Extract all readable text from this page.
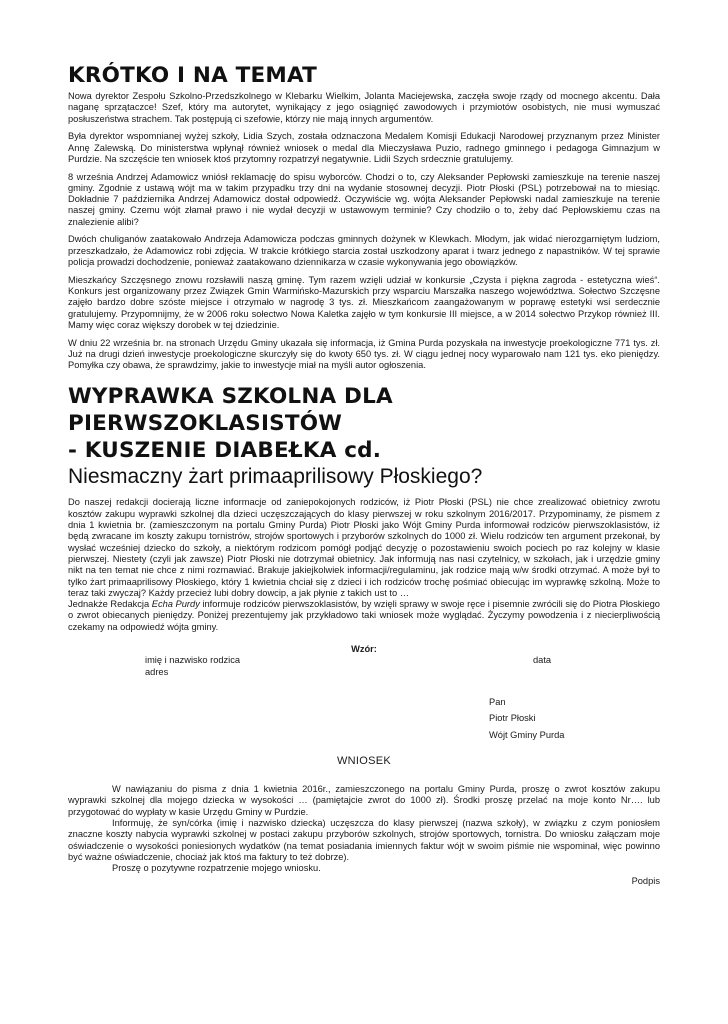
KRÓTKO I NA TEMAT

Nowa dyrektor Zespołu Szkolno-Przedszkolnego w Klebarku Wielkim, Jolanta Maciejewska, zaczęła swoje rządy od mocnego akcentu. Dała naganę sprzątaczce! Szef, który ma autorytet, wynikający z jego osiągnięć zawodowych i przymiotów osobistych, nie musi wymuszać posłuszeństwa strachem. Tak postępują ci szefowie, którzy nie mają innych argumentów.

Była dyrektor wspomnianej wyżej szkoły, Lidia Szych, została odznaczona Medalem Komisji Edukacji Narodowej przyznanym przez Minister Annę Zalewską. Do ministerstwa wpłynął również wniosek o medal dla Mieczysława Puzio, radnego gminnego i pedagoga Gimnazjum w Purdzie. Na szczęście ten wniosek ktoś przytomny rozpatrzył negatywnie. Lidii Szych srdecznie gratulujemy.

8 września Andrzej Adamowicz wniósł reklamację do spisu wyborców. Chodzi o to, czy Aleksander Pepłowski zamieszkuje na terenie naszej gminy. Zgodnie z ustawą wójt ma w takim przypadku trzy dni na wydanie stosownej decyzji. Piotr Płoski (PSL) potrzebował na to miesiąc. Dokładnie 7 października Andrzej Adamowicz dostał odpowiedź. Oczywiście wg. wójta Aleksander Pepłowski nadal zamieszkuje na terenie naszej gminy. Czemu wójt złamał prawo i nie wydał decyzji w ustawowym terminie? Czy chodziło o to, żeby dać Pepłowskiemu czas na znalezienie alibi?

Dwóch chuliganów zaatakowało Andrzeja Adamowicza podczas gminnych dożynek w Klewkach. Młodym, jak widać nierozgarniętym ludziom, przeszkadzało, że Adamowicz robi zdjęcia. W trakcie krótkiego starcia został uszkodzony aparat i twarz jednego z napastników. W tej sprawie policja prowadzi dochodzenie, ponieważ zaatakowano dziennikarza w czasie wykonywania jego obowiązków.

Mieszkańcy Szczęsnego znowu rozsławili naszą gminę. Tym razem wzięli udział w konkursie „Czysta i piękna zagroda - estetyczna wieś“. Konkurs jest organizowany przez Związek Gmin Warmińsko-Mazurskich przy wsparciu Marszałka naszego województwa. Sołectwo Szczęsne zajęło bardzo dobre szóste miejsce i otrzymało w nagrodę 3 tys. zł. Mieszkańcom zaangażowanym w poprawę estetyki wsi serdecznie gratulujemy. Przypomnijmy, że w 2006 roku sołectwo Nowa Kaletka zajęło w tym konkursie III miejsce, a w 2014 sołectwo Przykop również III. Mamy więc coraz większy dorobek w tej dziedzinie.

W dniu 22 września br. na stronach Urzędu Gminy ukazała się informacja, iż Gmina Purda pozyskała na inwestycje proekologiczne 771 tys. zł. Już na drugi dzień inwestycje proekologiczne skurczyły się do kwoty 650 tys. zł. W ciągu jednej nocy wyparowało nam 121 tys. eko pieniędzy. Pomyłka czy obawa, że sprawdzimy, jakie to inwestycje miał na myśli autor ogłoszenia.

WYPRAWKA SZKOLNA DLA PIERWSZOKLASISTÓW
- KUSZENIE DIABEŁKA cd.
Niesmaczny żart primaaprilisowy Płoskiego?

Do naszej redakcji docierają liczne informacje od zaniepokojonych rodziców, iż Piotr Płoski (PSL) nie chce zrealizować obietnicy zwrotu kosztów zakupu wyprawki szkolnej dla dzieci uczęszczających do klasy pierwszej w roku szkolnym 2016/2017. Przypominamy, że pismem z dnia 1 kwietnia br. (zamieszczonym na portalu Gminy Purda) Piotr Płoski jako Wójt Gminy Purda informował rodziców pierwszoklasistów, iż będą zwracane im koszty zakupu tornistrów, strojów sportowych i przyborów szkolnych do 1000 zł. Wielu rodziców ten argument przekonał, by wysłać wcześniej dziecko do szkoły, a niektórym rodzicom pomógł podjąć decyzję o pozostawieniu swoich pociech po raz kolejny w klasie pierwszej. Niestety (czyli jak zawsze) Piotr Płoski nie dotrzymał obietnicy. Jak informują nas nasi czytelnicy, w szkołach, jak i urzędzie gminy nikt na ten temat nie chce z nimi rozmawiać. Brakuje jakiejkolwiek informacji/regulaminu, jak rodzice mają w/w środki otrzymać. A może był to tylko żart primaaprilisowy Płoskiego, który 1 kwietnia chciał się z dzieci i ich rodziców trochę pośmiać obiecując im wyprawkę szkolną. Może to teraz taki zwyczaj? Każdy przecież lubi dobry dowcip, a jak płynie z takich ust to …

Jednakże Redakcja Echa Purdy informuje rodziców pierwszoklasistów, by wzięli sprawy w swoje ręce i pisemnie zwrócili się do Piotra Płoskiego o zwrot obiecanych pieniędzy. Poniżej prezentujemy jak przykładowo taki wniosek może wyglądać. Życzymy powodzenia i z niecierpliwością czekamy na odpowiedź wójta gminy.

Wzór:
imię i nazwisko rodzica	data
adres
Pan
Piotr Płoski
Wójt Gminy Purda
WNIOSEK

W nawiązaniu do pisma z dnia 1 kwietnia 2016r., zamieszczonego na portalu Gminy Purda, proszę o zwrot kosztów zakupu wyprawki szkolnej dla mojego dziecka w wysokości … (pamiętajcie zwrot do 1000 zł). Środki proszę przelać na moje konto Nr…. lub przygotować do wypłaty w kasie Urzędu Gminy w Purdzie.

Informuję, że syn/córka (imię i nazwisko dziecka) uczęszcza do klasy pierwszej (nazwa szkoły), w związku z czym poniosłem znaczne koszty nabycia wyprawki szkolnej w postaci zakupu przyborów szkolnych, strojów sportowych, tornistra. Do wniosku załączam moje oświadczenie o wysokości poniesionych wydatków (na temat posiadania imiennych faktur wójt w swoim piśmie nie wspominał, więc powinno być ważne oświadczenie, chociaż jak ktoś ma faktury to też dobrze).

Proszę o pozytywne rozpatrzenie mojego wniosku.

Podpis
